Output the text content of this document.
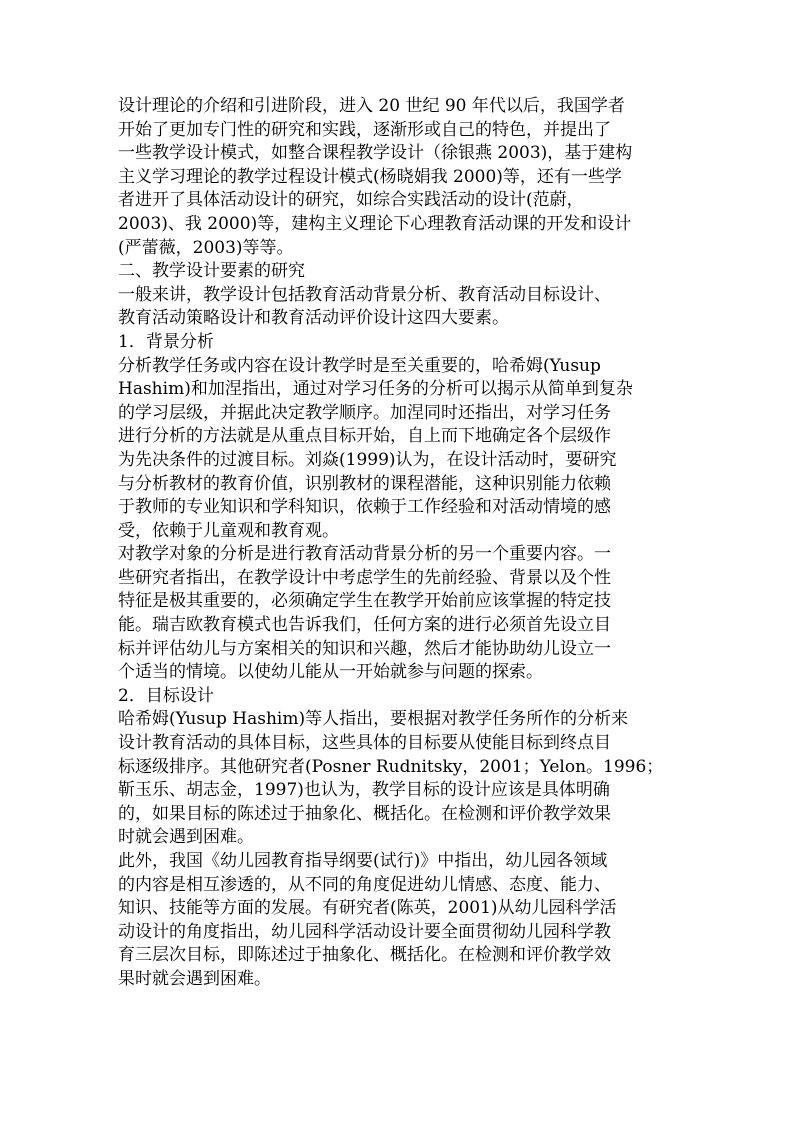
设计理论的介绍和引进阶段，进入 20 世纪 90 年代以后，我国学者
开始了更加专门性的研究和实践，逐渐形或自己的特色，并提出了
一些教学设计模式，如整合课程教学设计（徐银燕 2003)，基于建构
主义学习理论的教学过程设计模式(杨晓娟我 2000)等，还有一些学
者进开了具体活动设计的研究，如综合实践活动的设计(范蔚，
2003)、我 2000)等，建构主义理论下心理教育活动课的开发和设计
(严蕾薇，2003)等等。
二、教学设计要素的研究
一般来讲，教学设计包括教育活动背景分析、教育活动目标设计、
教育活动策略设计和教育活动评价设计这四大要素。
1．背景分析
分析教学任务或内容在设计教学时是至关重要的，哈希姆(Yusup
Hashim)和加涅指出，通过对学习任务的分析可以揭示从简单到复杂
的学习层级，并据此决定教学顺序。加涅同时还指出，对学习任务
进行分析的方法就是从重点目标开始，自上而下地确定各个层级作
为先决条件的过渡目标。刘焱(1999)认为，在设计活动时，要研究
与分析教材的教育价值，识别教材的课程潜能，这种识别能力依赖
于教师的专业知识和学科知识，依赖于工作经验和对活动情境的感
受，依赖于儿童观和教育观。
对教学对象的分析是进行教育活动背景分析的另一个重要内容。一
些研究者指出，在教学设计中考虑学生的先前经验、背景以及个性
特征是极其重要的，必须确定学生在教学开始前应该掌握的特定技
能。瑞吉欧教育模式也告诉我们，任何方案的进行必须首先设立目
标并评估幼儿与方案相关的知识和兴趣，然后才能协助幼儿设立一
个适当的情境。以使幼儿能从一开始就参与问题的探索。
2．目标设计
哈希姆(Yusup Hashim)等人指出，要根据对教学任务所作的分析来
设计教育活动的具体目标，这些具体的目标要从使能目标到终点目
标逐级排序。其他研究者(Posner Rudnitsky，2001；Yelon。1996；
靳玉乐、胡志金，1997)也认为，教学目标的设计应该是具体明确
的，如果目标的陈述过于抽象化、概括化。在检测和评价教学效果
时就会遇到困难。
此外，我国《幼儿园教育指导纲要(试行)》中指出，幼儿园各领域
的内容是相互渗透的，从不同的角度促进幼儿情感、态度、能力、
知识、技能等方面的发展。有研究者(陈英，2001)从幼儿园科学活
动设计的角度指出，幼儿园科学活动设计要全面贯彻幼儿园科学教
育三层次目标，即陈述过于抽象化、概括化。在检测和评价教学效
果时就会遇到困难。
